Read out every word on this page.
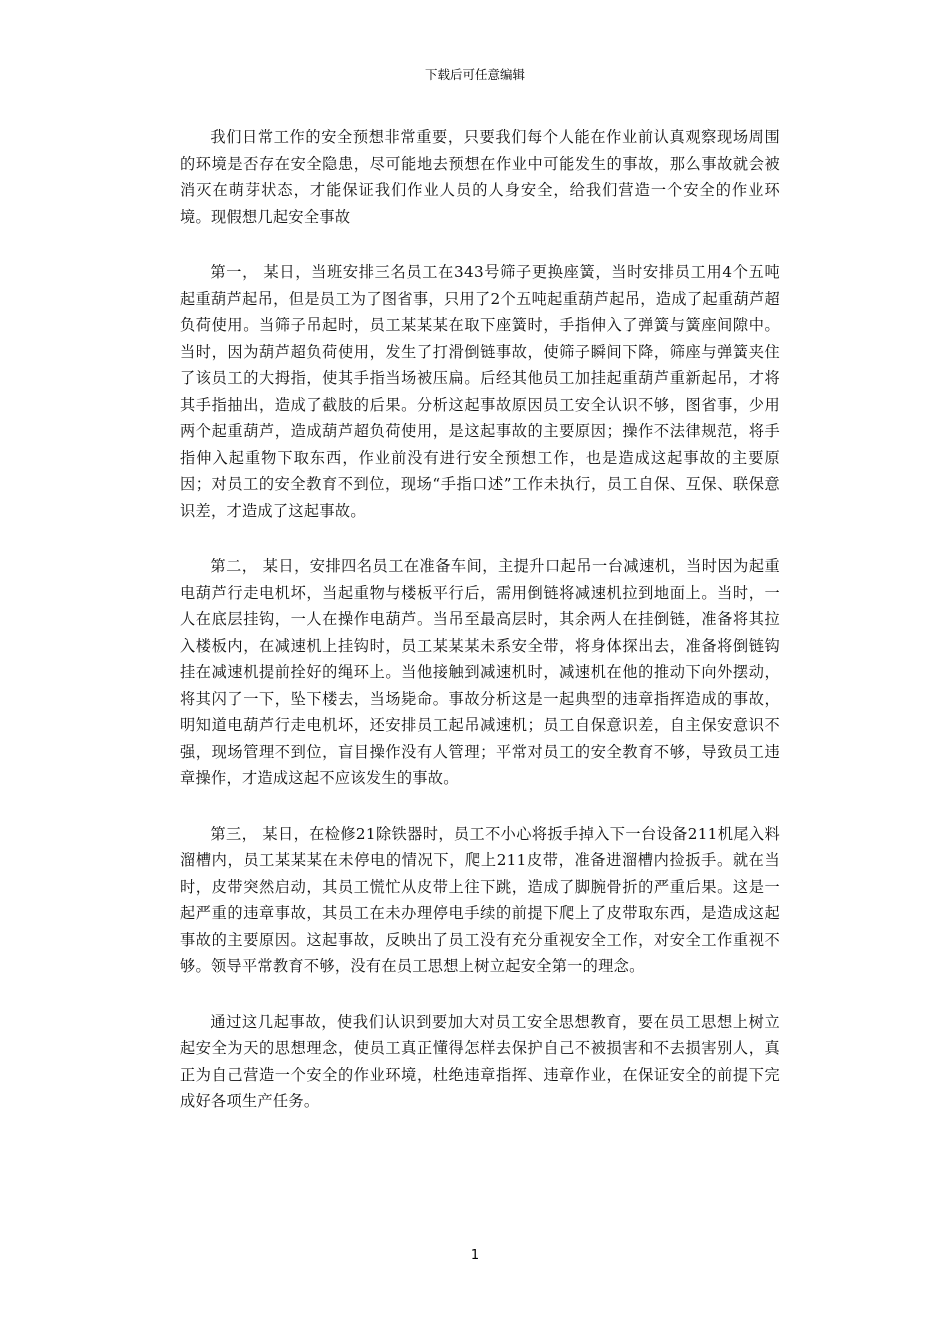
下载后可任意编辑

我们日常工作的安全预想非常重要，只要我们每个人能在作业前认真观察现场周围的环境是否存在安全隐患，尽可能地去预想在作业中可能发生的事故，那么事故就会被消灭在萌芽状态，才能保证我们作业人员的人身安全，给我们营造一个安全的作业环境。现假想几起安全事故

第一， 某日，当班安排三名员工在343号筛子更换座簧，当时安排员工用4个五吨起重葫芦起吊，但是员工为了图省事，只用了2个五吨起重葫芦起吊，造成了起重葫芦超负荷使用。当筛子吊起时，员工某某某在取下座簧时，手指伸入了弹簧与簧座间隙中。当时，因为葫芦超负荷使用，发生了打滑倒链事故，使筛子瞬间下降，筛座与弹簧夹住了该员工的大拇指，使其手指当场被压扁。后经其他员工加挂起重葫芦重新起吊，才将其手指抽出，造成了截肢的后果。分析这起事故原因员工安全认识不够，图省事，少用两个起重葫芦，造成葫芦超负荷使用，是这起事故的主要原因；操作不法律规范，将手指伸入起重物下取东西，作业前没有进行安全预想工作，也是造成这起事故的主要原因；对员工的安全教育不到位，现场“手指口述”工作未执行，员工自保、互保、联保意识差，才造成了这起事故。

第二， 某日，安排四名员工在准备车间，主提升口起吊一台减速机，当时因为起重电葫芦行走电机坏，当起重物与楼板平行后，需用倒链将减速机拉到地面上。当时，一人在底层挂钩，一人在操作电葫芦。当吊至最高层时，其余两人在挂倒链，准备将其拉入楼板内，在减速机上挂钩时，员工某某某未系安全带，将身体探出去，准备将倒链钩挂在减速机提前拴好的绳环上。当他接触到减速机时，减速机在他的推动下向外摆动，将其闪了一下，坠下楼去，当场毙命。事故分析这是一起典型的违章指挥造成的事故，明知道电葫芦行走电机坏，还安排员工起吊减速机；员工自保意识差，自主保安意识不强，现场管理不到位，盲目操作没有人管理；平常对员工的安全教育不够，导致员工违章操作，才造成这起不应该发生的事故。

第三， 某日，在检修21除铁器时，员工不小心将扳手掉入下一台设备211机尾入料溜槽内，员工某某某在未停电的情况下，爬上211皮带，准备进溜槽内捡扳手。就在当时，皮带突然启动，其员工慌忙从皮带上往下跳，造成了脚腕骨折的严重后果。这是一起严重的违章事故，其员工在未办理停电手续的前提下爬上了皮带取东西，是造成这起事故的主要原因。这起事故，反映出了员工没有充分重视安全工作，对安全工作重视不够。领导平常教育不够，没有在员工思想上树立起安全第一的理念。

通过这几起事故，使我们认识到要加大对员工安全思想教育，要在员工思想上树立起安全为天的思想理念，使员工真正懂得怎样去保护自己不被损害和不去损害别人，真正为自己营造一个安全的作业环境，杜绝违章指挥、违章作业，在保证安全的前提下完成好各项生产任务。

1
